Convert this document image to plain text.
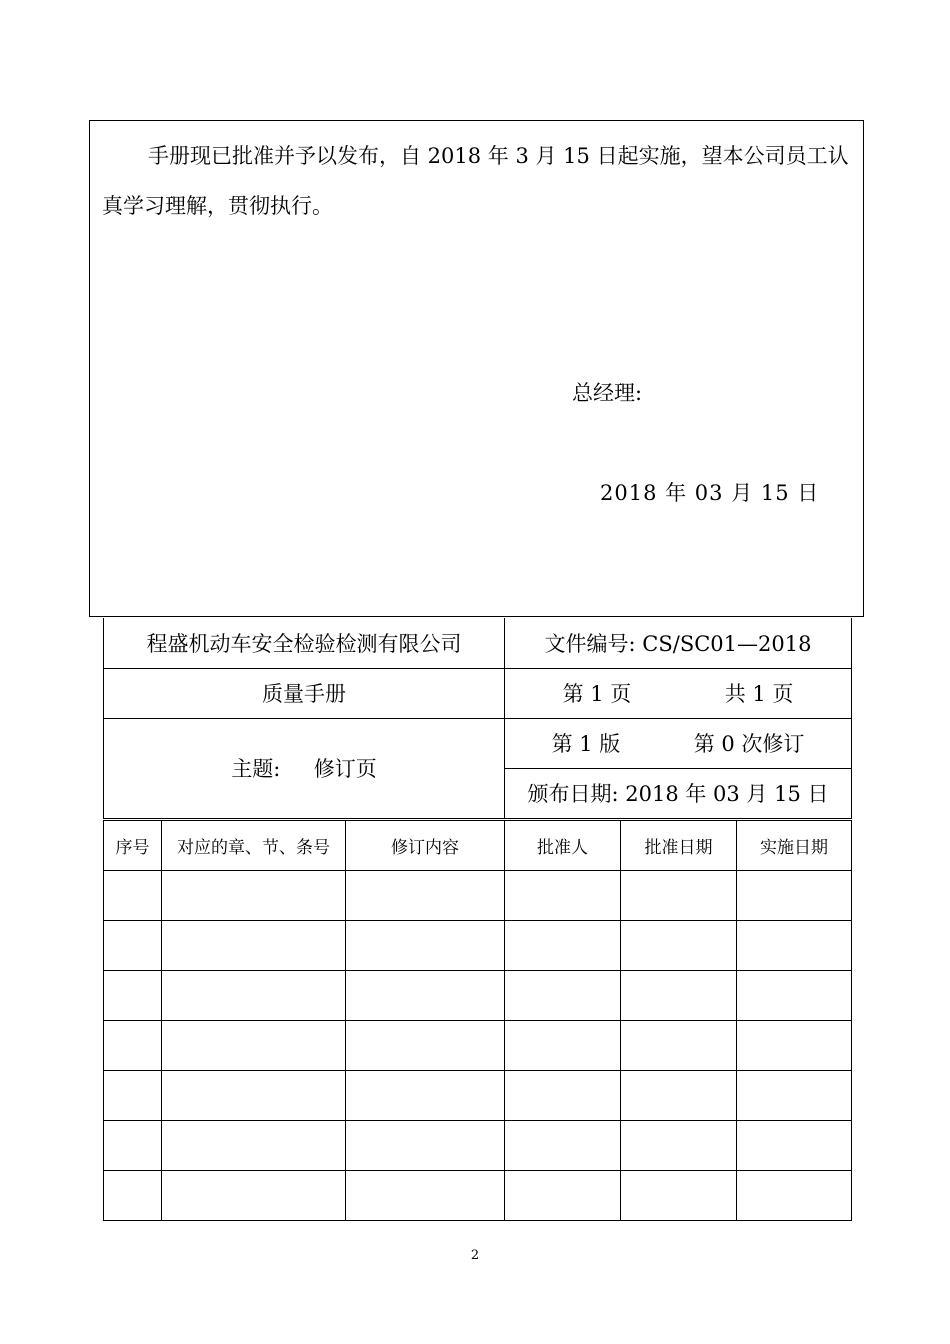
手册现已批准并予以发布，自 2018 年 3 月 15 日起实施，望本公司员工认真学习理解，贯彻执行。

总经理:
2018 年 03 月 15 日
程盛机动车安全检验检测有限公司	文件编号: CS/SC01—2018
质量手册	第 1 页 共 1 页
主题:     修订页	第 1 版 第 0 次修订
	颁布日期: 2018 年 03 月 15 日
序号	对应的章、节、条号	修订内容	批准人	批准日期	实施日期

2
